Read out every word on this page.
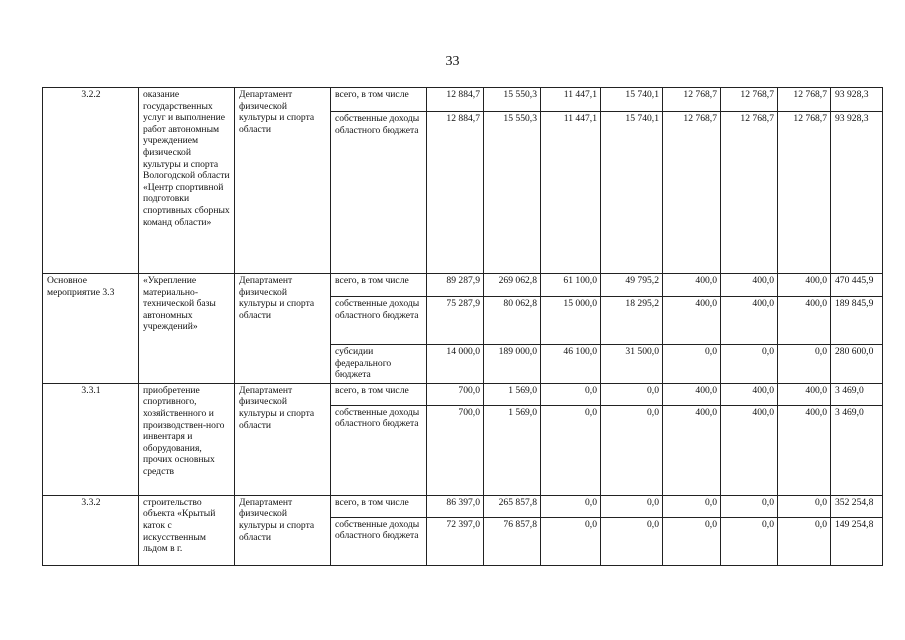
33
3.2.2	оказание государственных услуг и выполнение работ автономным учреждением физической культуры и спорта Вологодской области «Центр спортивной подготовки спортивных сборных команд области»	Департамент физической культуры и спорта области	всего, в том числе	12 884,7	15 550,3	11 447,1	15 740,1	12 768,7	12 768,7	12 768,7	93 928,3
			собственные доходы областного бюджета	12 884,7	15 550,3	11 447,1	15 740,1	12 768,7	12 768,7	12 768,7	93 928,3
Основное мероприятие 3.3	«Укрепление материально-технической базы автономных учреждений»	Департамент физической культуры и спорта области	всего, в том числе	89 287,9	269 062,8	61 100,0	49 795,2	400,0	400,0	400,0	470 445,9
			собственные доходы областного бюджета	75 287,9	80 062,8	15 000,0	18 295,2	400,0	400,0	400,0	189 845,9
			субсидии федерального бюджета	14 000,0	189 000,0	46 100,0	31 500,0	0,0	0,0	0,0	280 600,0
3.3.1	приобретение спортивного, хозяйственного и производствен-ного инвентаря и оборудования, прочих основных средств	Департамент физической культуры и спорта области	всего, в том числе	700,0	1 569,0	0,0	0,0	400,0	400,0	400,0	3 469,0
			собственные доходы областного бюджета	700,0	1 569,0	0,0	0,0	400,0	400,0	400,0	3 469,0
3.3.2	строительство объекта «Крытый каток с искусственным льдом в г.	Департамент физической культуры и спорта области	всего, в том числе	86 397,0	265 857,8	0,0	0,0	0,0	0,0	0,0	352 254,8
			собственные доходы областного бюджета	72 397,0	76 857,8	0,0	0,0	0,0	0,0	0,0	149 254,8
